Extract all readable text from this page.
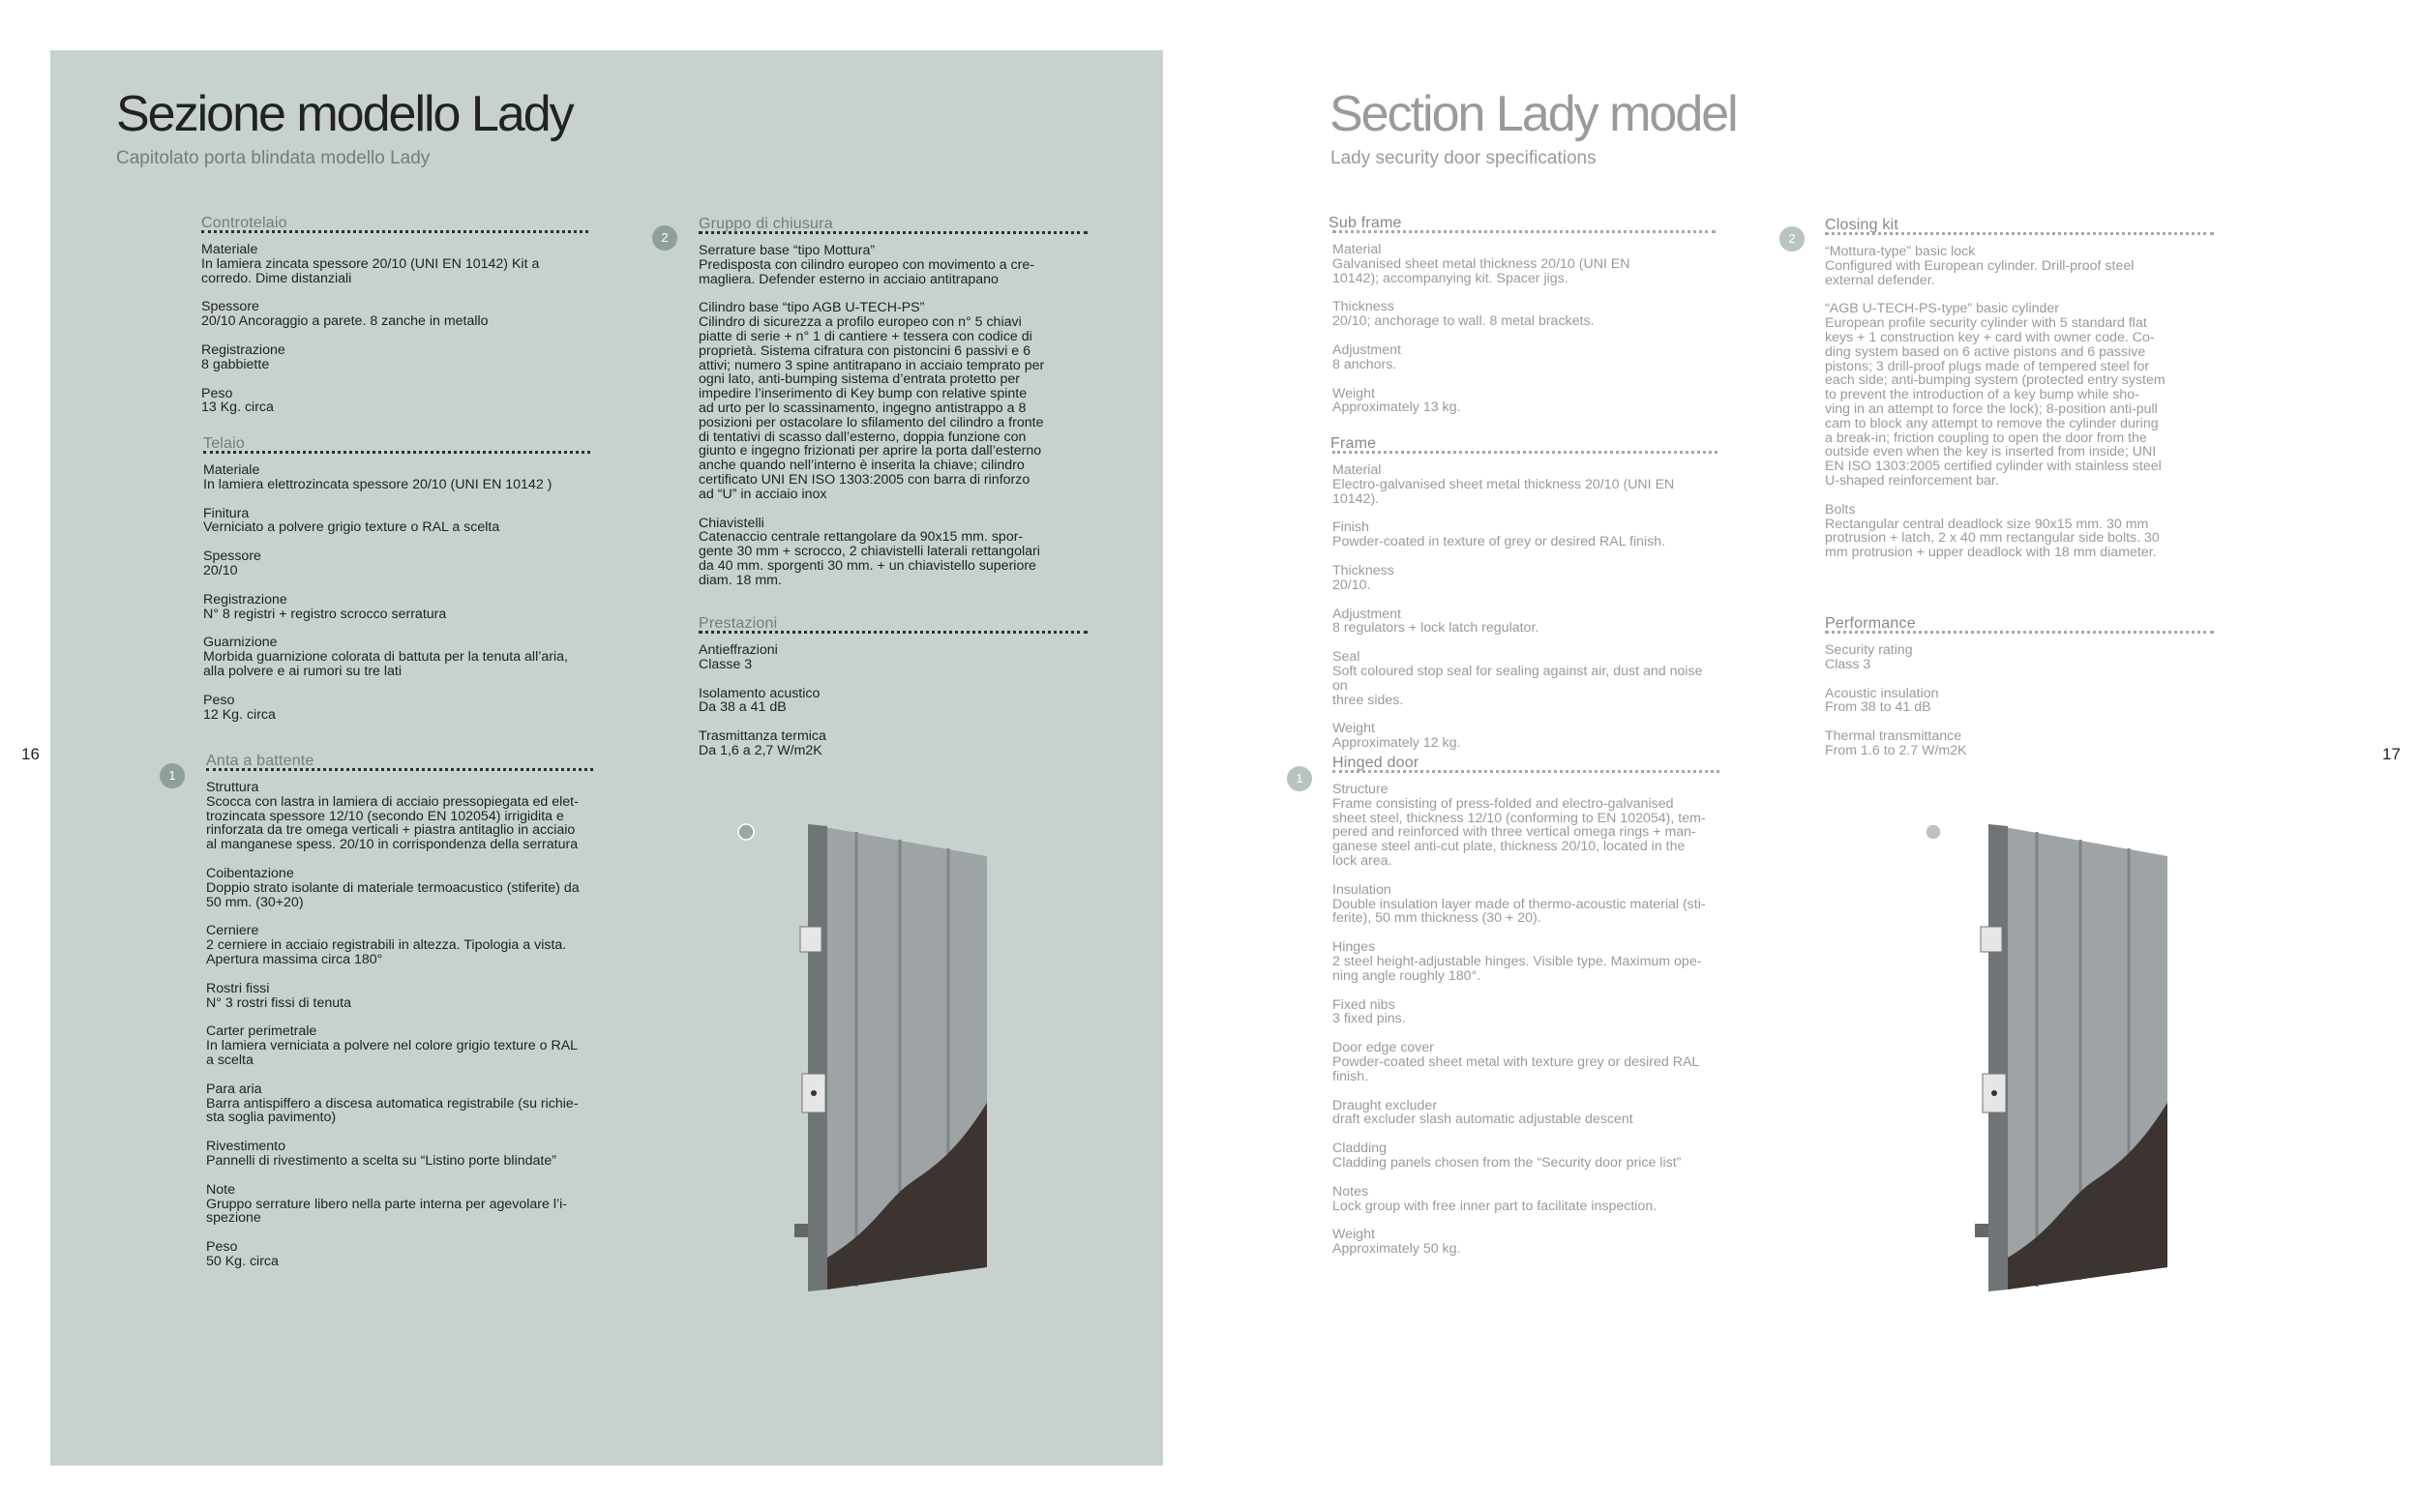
Sezione modello Lady
Capitolato porta blindata modello Lady
Controtelaio
Materiale
In lamiera zincata spessore 20/10 (UNI EN 10142) Kit a
corredo. Dime distanziali
Spessore
20/10 Ancoraggio a parete. 8 zanche in metallo
Registrazione
8 gabbiette
Peso
13 Kg. circa
Telaio
Materiale
In lamiera elettrozincata spessore 20/10 (UNI EN 10142 )
Finitura
Verniciato a polvere grigio texture o RAL a scelta
Spessore
20/10
Registrazione
N° 8 registri + registro scrocco serratura
Guarnizione
Morbida guarnizione colorata di battuta per la tenuta all’aria,
alla polvere e ai rumori su tre lati
Peso
12 Kg. circa
1
Anta a battente
Struttura
Scocca con lastra in lamiera di acciaio pressopiegata ed elet-
trozincata spessore 12/10 (secondo EN 102054) irrigidita e
rinforzata da tre omega verticali + piastra antitaglio in acciaio
al manganese spess. 20/10 in corrispondenza della serratura
Coibentazione
Doppio strato isolante di materiale termoacustico (stiferite) da
50 mm. (30+20)
Cerniere
2 cerniere in acciaio registrabili in altezza. Tipologia a vista.
Apertura massima circa 180°
Rostri fissi
N° 3 rostri fissi di tenuta
Carter perimetrale
In lamiera verniciata a polvere nel colore grigio texture o RAL
a scelta
Para aria
Barra antispiffero a discesa automatica registrabile (su richie-
sta soglia pavimento)
Rivestimento
Pannelli di rivestimento a scelta su “Listino porte blindate”
Note
Gruppo serrature libero nella parte interna per agevolare l’i-
spezione
Peso
50 Kg. circa
2
Gruppo di chiusura
Serrature base “tipo Mottura”
Predisposta con cilindro europeo con movimento a cre-
magliera. Defender esterno in acciaio antitrapano
Cilindro base “tipo AGB U-TECH-PS”
Cilindro di sicurezza a profilo europeo con n° 5 chiavi
piatte di serie + n° 1 di cantiere + tessera con codice di
proprietà. Sistema cifratura con pistoncini 6 passivi e 6
attivi; numero 3 spine antitrapano in acciaio temprato per
ogni lato, anti-bumping sistema d’entrata protetto per
impedire l’inserimento di Key bump con relative spinte
ad urto per lo scassinamento, ingegno antistrappo a 8
posizioni per ostacolare lo sfilamento del cilindro a fronte
di tentativi di scasso dall’esterno, doppia funzione con
giunto e ingegno frizionati per aprire la porta dall’esterno
anche quando nell’interno è inserita la chiave; cilindro
certificato UNI EN ISO 1303:2005 con barra di rinforzo
ad “U” in acciaio inox
Chiavistelli
Catenaccio centrale rettangolare da 90x15 mm. spor-
gente 30 mm + scrocco, 2 chiavistelli laterali rettangolari
da 40 mm. sporgenti 30 mm. + un chiavistello superiore
diam. 18 mm.
Prestazioni
Antieffrazioni
Classe 3
Isolamento acustico
Da 38 a 41 dB
Trasmittanza termica
Da 1,6 a 2,7 W/m2K
16
Section Lady model
Lady security door specifications
Sub frame
Material
Galvanised sheet metal thickness 20/10 (UNI EN
10142); accompanying kit. Spacer jigs.
Thickness
20/10; anchorage to wall. 8 metal brackets.
Adjustment
8 anchors.
Weight
Approximately 13 kg.
Frame
Material
Electro-galvanised sheet metal thickness 20/10 (UNI EN 10142).
Finish
Powder-coated in texture of grey or desired RAL finish.
Thickness
20/10.
Adjustment
8 regulators + lock latch regulator.
Seal
Soft coloured stop seal for sealing against air, dust and noise on
three sides.
Weight
Approximately 12 kg.
1
Hinged door
Structure
Frame consisting of press-folded and electro-galvanised
sheet steel, thickness 12/10 (conforming to EN 102054), tem-
pered and reinforced with three vertical omega rings + man-
ganese steel anti-cut plate, thickness 20/10, located in the
lock area.
Insulation
Double insulation layer made of thermo-acoustic material (sti-
ferite), 50 mm thickness (30 + 20).
Hinges
2 steel height-adjustable hinges. Visible type. Maximum ope-
ning angle roughly 180°.
Fixed nibs
3 fixed pins.
Door edge cover
Powder-coated sheet metal with texture grey or desired RAL
finish.
Draught excluder
draft excluder slash automatic adjustable descent
Cladding
Cladding panels chosen from the “Security door price list”
Notes
Lock group with free inner part to facilitate inspection.
Weight
Approximately 50 kg.
2
Closing kit
“Mottura-type” basic lock
Configured with European cylinder. Drill-proof steel
external defender.
“AGB U-TECH-PS-type” basic cylinder
European profile security cylinder with 5 standard flat
keys + 1 construction key + card with owner code. Co-
ding system based on 6 active pistons and 6 passive
pistons; 3 drill-proof plugs made of tempered steel for
each side; anti-bumping system (protected entry system
to prevent the introduction of a key bump while sho-
ving in an attempt to force the lock); 8-position anti-pull
cam to block any attempt to remove the cylinder during
a break-in; friction coupling to open the door from the
outside even when the key is inserted from inside; UNI
EN ISO 1303:2005 certified cylinder with stainless steel
U-shaped reinforcement bar.
Bolts
Rectangular central deadlock size 90x15 mm. 30 mm
protrusion + latch, 2 x 40 mm rectangular side bolts. 30
mm protrusion + upper deadlock with 18 mm diameter.
Performance
Security rating
Class 3
Acoustic insulation
From 38 to 41 dB
Thermal transmittance
From 1.6 to 2.7 W/m2K	17
